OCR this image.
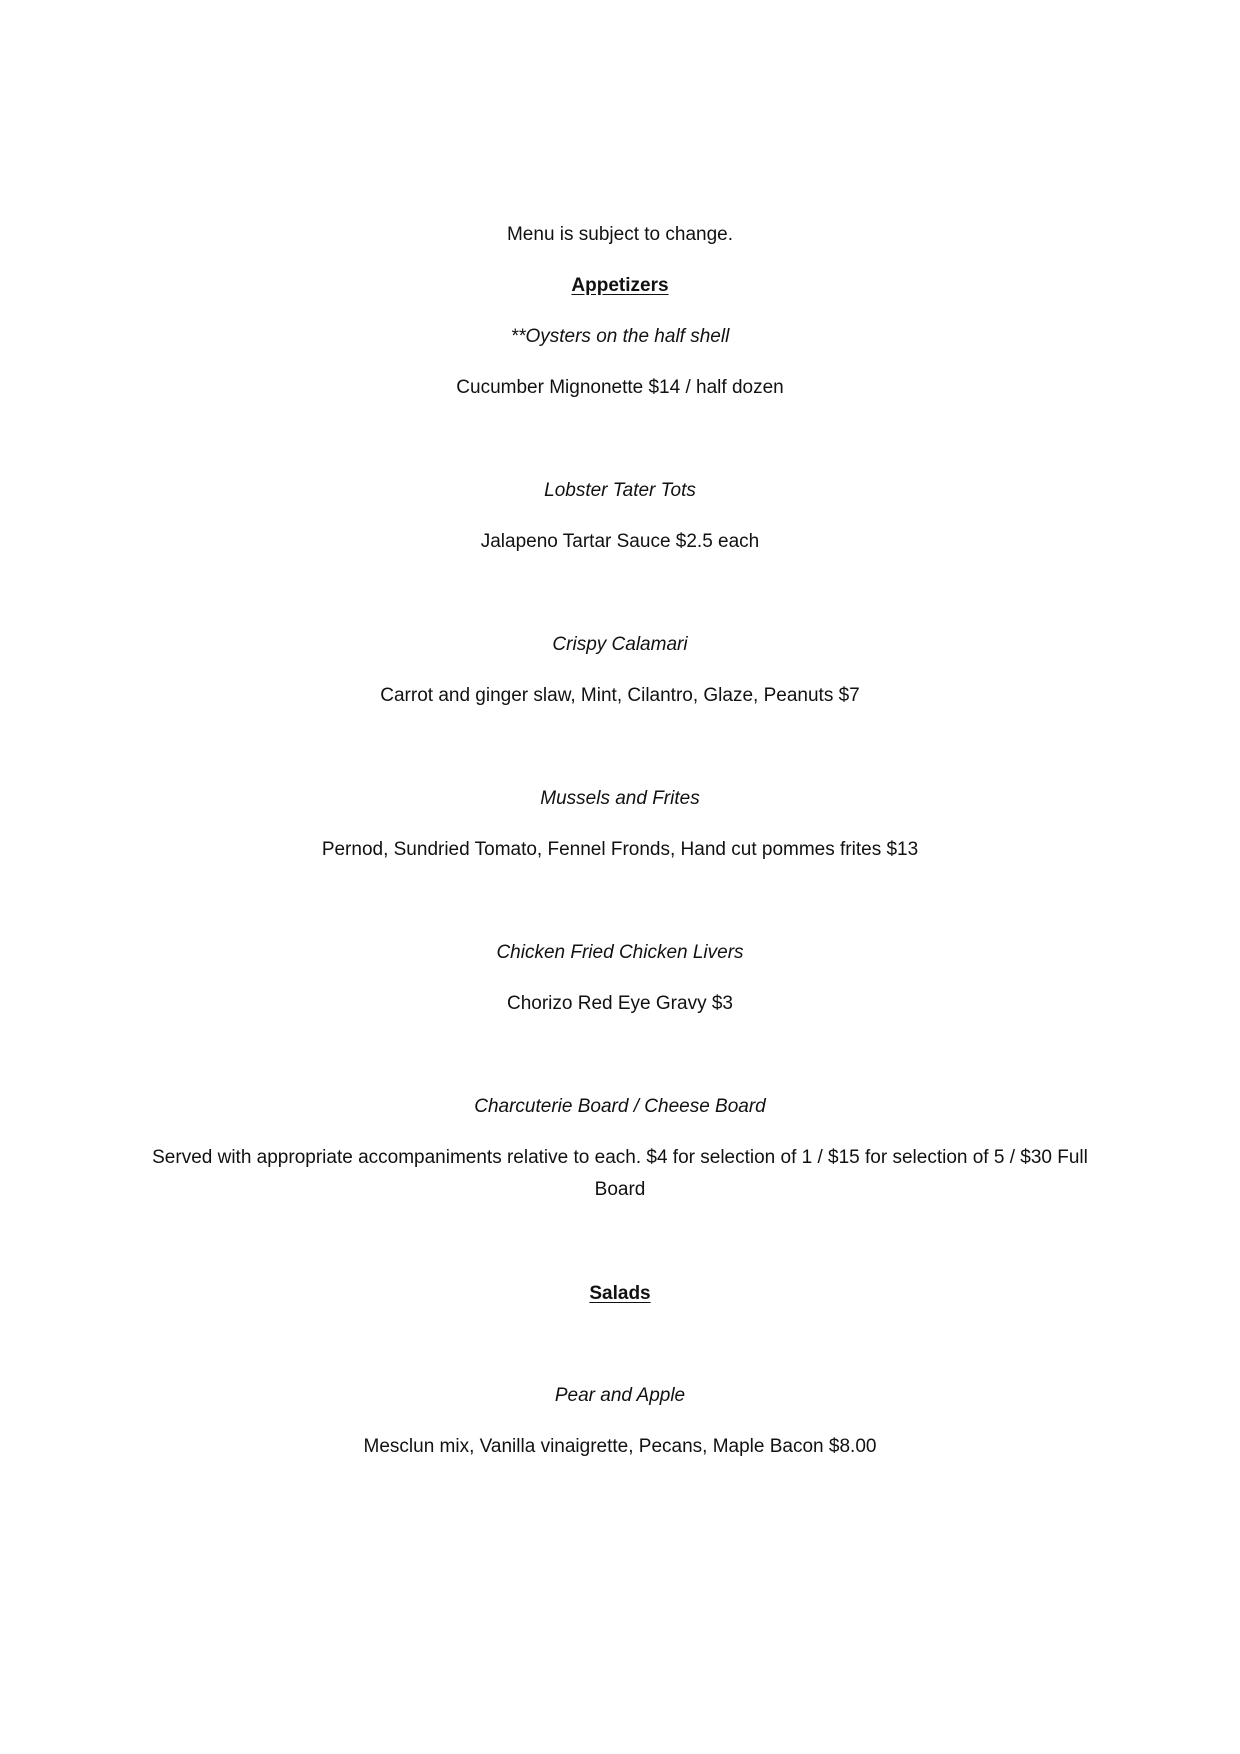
Menu is subject to change.
Appetizers
**Oysters on the half shell
Cucumber Mignonette $14 / half dozen
Lobster Tater Tots
Jalapeno Tartar Sauce $2.5 each
Crispy Calamari
Carrot and ginger slaw, Mint, Cilantro, Glaze, Peanuts $7
Mussels and Frites
Pernod, Sundried Tomato, Fennel Fronds, Hand cut pommes frites $13
Chicken Fried Chicken Livers
Chorizo Red Eye Gravy $3
Charcuterie Board / Cheese Board
Served with appropriate accompaniments relative to each. $4 for selection of 1 / $15 for selection of 5 / $30 Full Board
Salads
Pear and Apple
Mesclun mix, Vanilla vinaigrette, Pecans, Maple Bacon $8.00
